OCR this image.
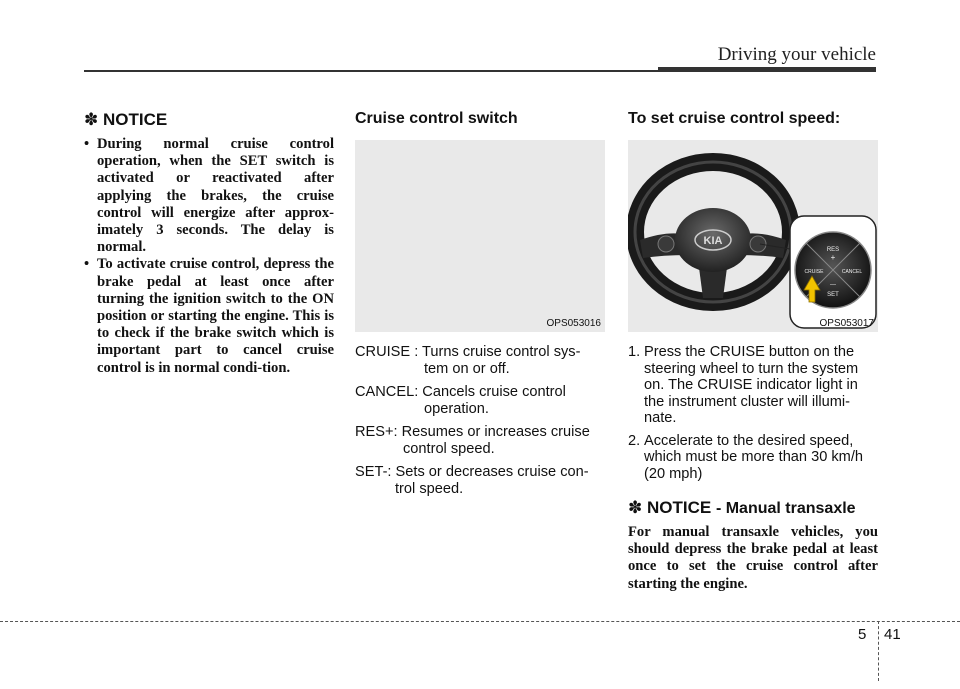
Driving your vehicle
✽ NOTICE
• During normal cruise control operation, when the SET switch is activated or reactivated after applying the brakes, the cruise control will energize after approx-imately 3 seconds. The delay is normal.
• To activate cruise control, depress the brake pedal at least once after turning the ignition switch to the ON position or starting the engine. This is to check if the brake switch which is important part to cancel cruise control is in normal condi-tion.
Cruise control switch
OPS053016
CRUISE : Turns cruise control sys-
tem on or off.
CANCEL: Cancels cruise control
operation.
RES+: Resumes or increases cruise
control speed.
SET-: Sets or decreases cruise con-
trol speed.
To set cruise control speed:
KIA
RES
+
CRUISE	CANCEL
—
SET
OPS053017
1. Press the CRUISE button on the steering wheel to turn the system on. The CRUISE indicator light in the instrument cluster will illumi-nate.
2. Accelerate to the desired speed, which must be more than 30 km/h (20 mph)
✽ NOTICE - Manual transaxle

For manual transaxle vehicles, you should depress the brake pedal at least once to set the cruise control after starting the engine.

5 41
